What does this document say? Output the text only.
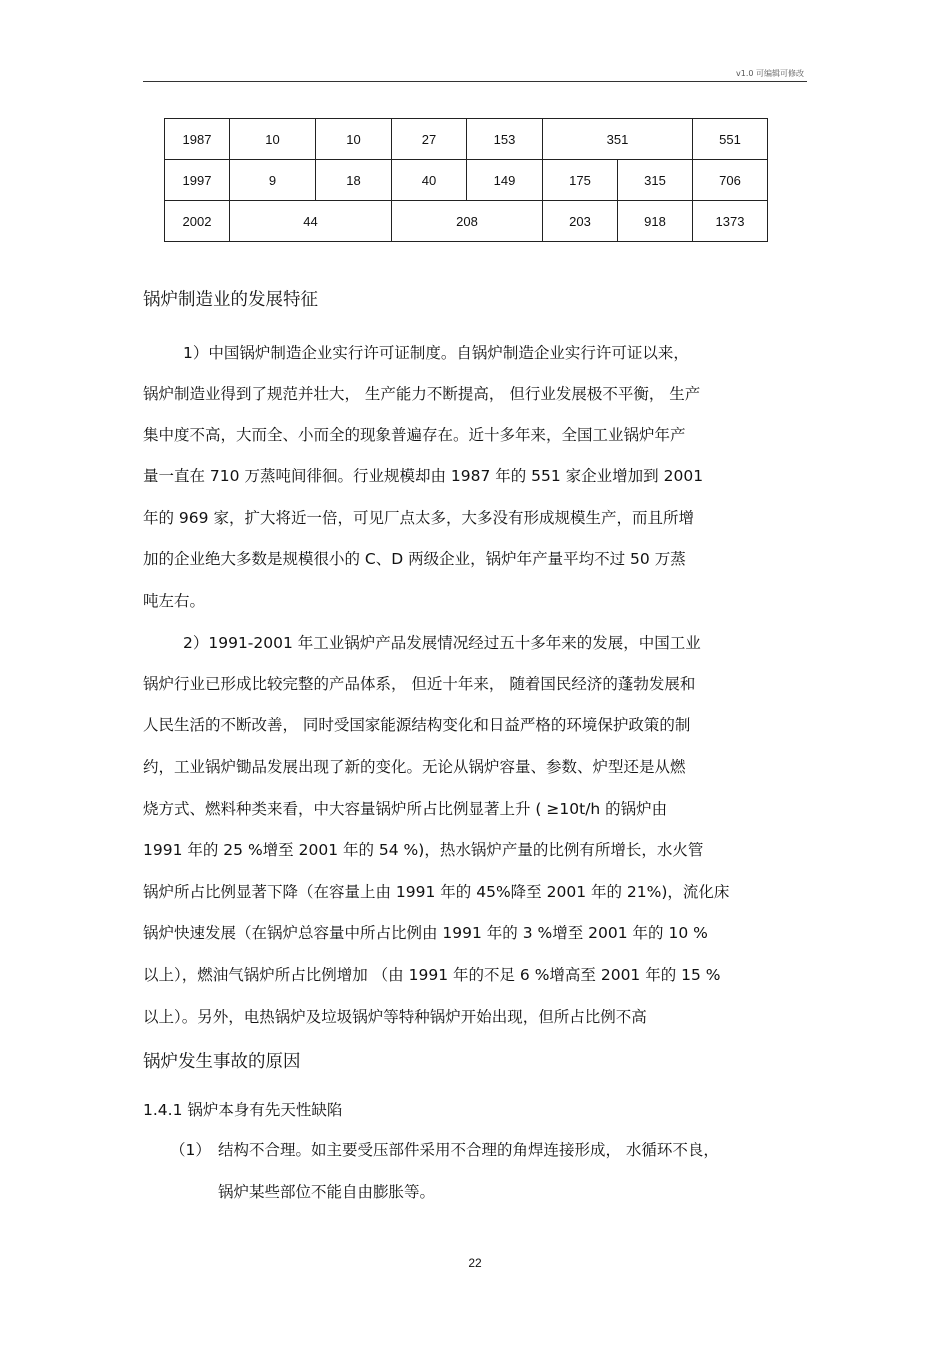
v1.0 可编辑可修改
1987	10	10	27	153	351		551
1997	9	18	40	149	175	315	706
2002	44		208		203	918	1373
锅炉制造业的发展特征
1）中国锅炉制造企业实行许可证制度。自锅炉制造企业实行许可证以来，
锅炉制造业得到了规范并壮大， 生产能力不断提高， 但行业发展极不平衡， 生产
集中度不高，大而全、小而全的现象普遍存在。近十多年来，全国工业锅炉年产
量一直在 710 万蒸吨间徘徊。行业规模却由 1987 年的 551 家企业增加到 2001
年的 969 家，扩大将近一倍，可见厂点太多，大多没有形成规模生产，而且所增
加的企业绝大多数是规模很小的 C、D 两级企业，锅炉年产量平均不过 50 万蒸
吨左右。
2）1991-2001 年工业锅炉产品发展情况经过五十多年来的发展，中国工业
锅炉行业已形成比较完整的产品体系， 但近十年来， 随着国民经济的蓬勃发展和
人民生活的不断改善， 同时受国家能源结构变化和日益严格的环境保护政策的制
约，工业锅炉锄品发展出现了新的变化。无论从锅炉容量、参数、炉型还是从燃
烧方式、燃料种类来看，中大容量锅炉所占比例显著上升 ( ≥10t/h 的锅炉由
1991 年的 25 %增至 2001 年的 54 %)，热水锅炉产量的比例有所增长，水火管
锅炉所占比例显著下降（在容量上由 1991 年的 45%降至 2001 年的 21%)，流化床
锅炉快速发展（在锅炉总容量中所占比例由 1991 年的 3 %增至 2001 年的 10 %
以上），燃油气锅炉所占比例增加 （由 1991 年的不足 6 %增高至 2001 年的 15 %
以上）。另外，电热锅炉及垃圾锅炉等特种锅炉开始出现，但所占比例不高
锅炉发生事故的原因
1.4.1 锅炉本身有先天性缺陷
（1） 结构不合理。如主要受压部件采用不合理的角焊连接形成， 水循环不良，
锅炉某些部位不能自由膨胀等。
22
